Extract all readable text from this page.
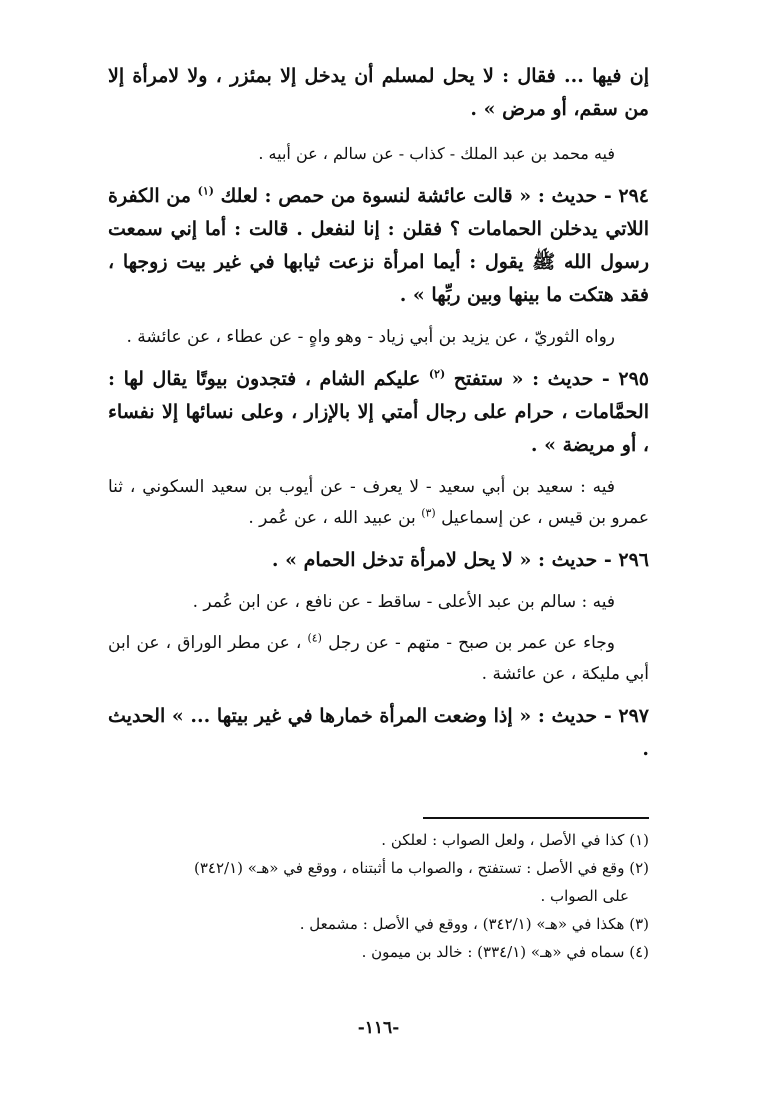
إن فيها ... فقال : لا يحل لمسلم أن يدخل إلا بمئزر ، ولا لامرأة إلا من سقم، أو مرض » .

فيه محمد بن عبد الملك - كذاب - عن سالم ، عن أبيه .

٢٩٤ - حديث : « قالت عائشة لنسوة من حمص : لعلك $^{(١)}$ من الكفرة اللاتي يدخلن الحمامات ؟ فقلن : إنا لنفعل . قالت : أما إني سمعت رسول الله ﷺ يقول : أيما امرأة نزعت ثيابها في غير بيت زوجها ، فقد هتكت ما بينها وبين ربِّها » .

رواه الثوريّ ، عن يزيد بن أبي زياد - وهو واهٍ - عن عطاء ، عن عائشة .

٢٩٥ - حديث : « ستفتح $^{(٢)}$ عليكم الشام ، فتجدون بيوتًا يقال لها : الحمَّامات ، حرام على رجال أمتي إلا بالإزار ، وعلى نسائها إلا نفساء ، أو مريضة » .

فيه : سعيد بن أبي سعيد - لا يعرف - عن أيوب بن سعيد السكوني ، ثنا عمرو بن قيس ، عن إسماعيل $^{(٣)}$ بن عبيد الله ، عن عُمر .

٢٩٦ - حديث : « لا يحل لامرأة تدخل الحمام » .

فيه : سالم بن عبد الأعلى - ساقط - عن نافع ، عن ابن عُمر .

وجاء عن عمر بن صبح - متهم - عن رجل $^{(٤)}$ ، عن مطر الوراق ، عن ابن أبي مليكة ، عن عائشة .

٢٩٧ - حديث : « إذا وضعت المرأة خمارها في غير بيتها ... » الحديث .

(١) كذا في الأصل ، ولعل الصواب : لعلكن .

(٢) وقع في الأصل : تستفتح ، والصواب ما أثبتناه ، ووقع في «هـ» (٣٤٢/١)

على الصواب .

(٣) هكذا في «هـ» (٣٤٢/١) ، ووقع في الأصل : مشمعل .

(٤) سماه في «هـ» (٣٣٤/١) : خالد بن ميمون .

-١١٦-
